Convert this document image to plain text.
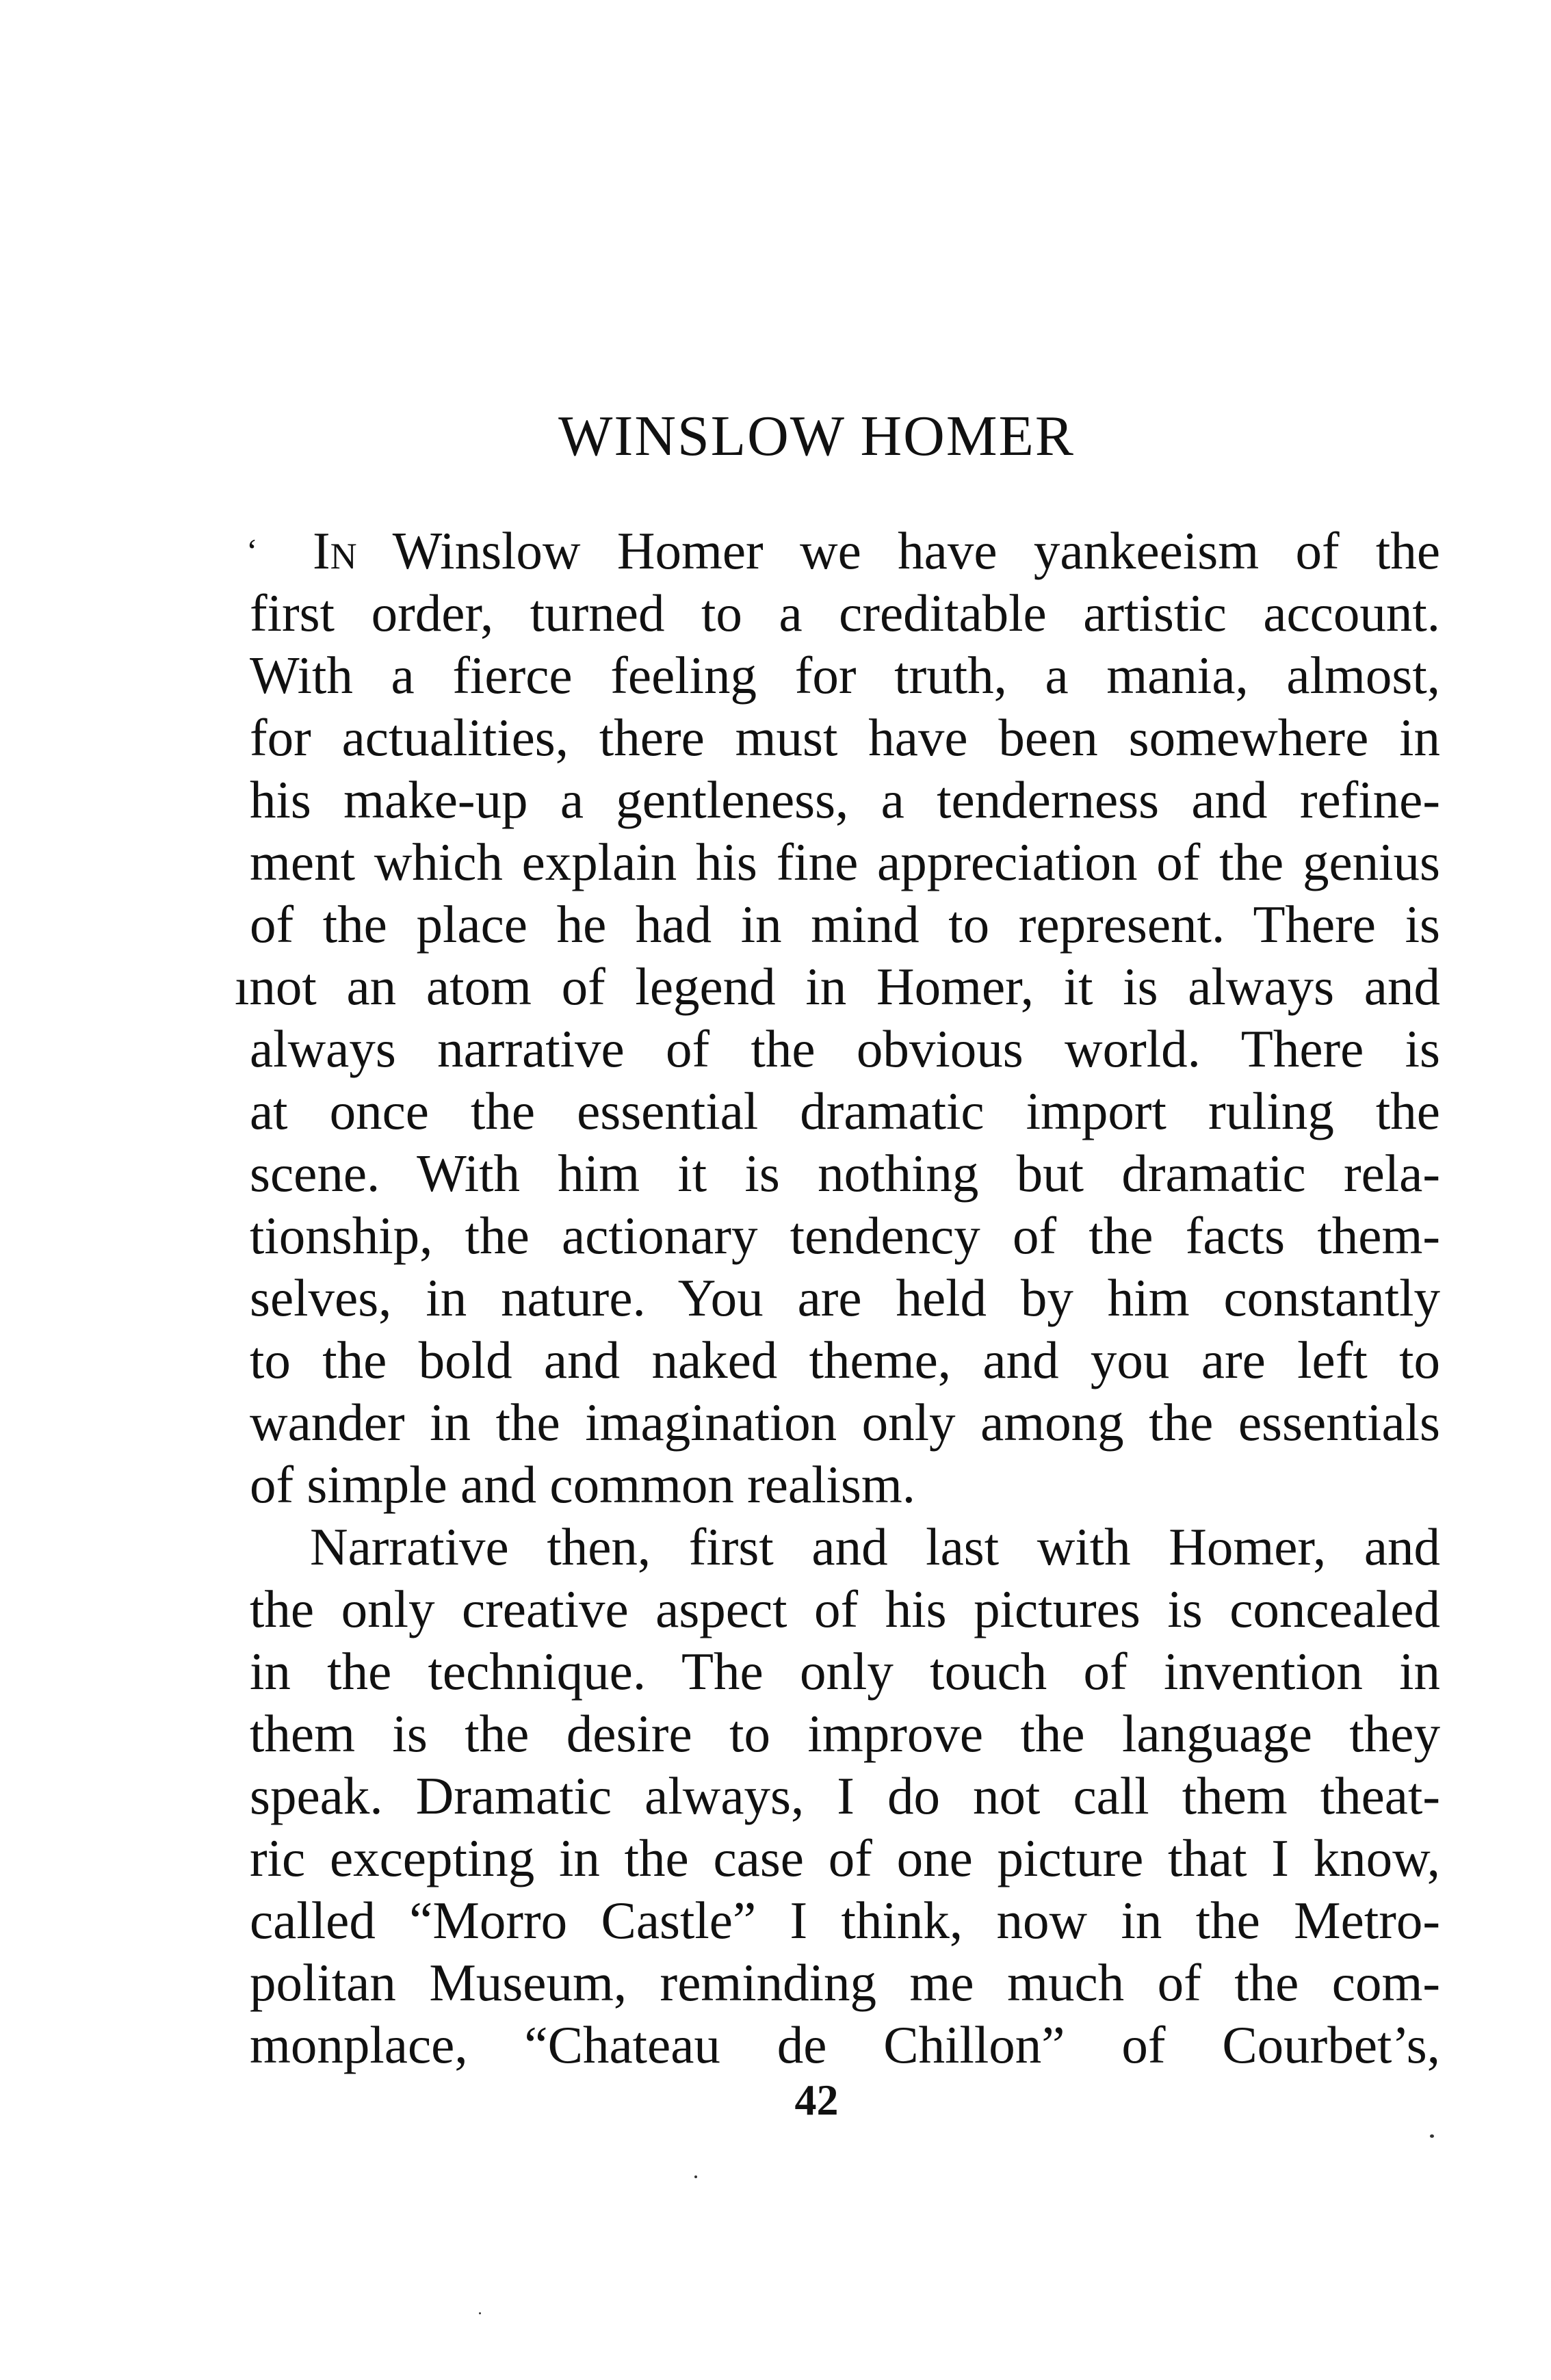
WINSLOW HOMER
ʻ In Winslow Homer we have yankeeism of the
first order, turned to a creditable artistic account.
With a fierce feeling for truth, a mania, almost,
for actualities, there must have been somewhere in
his make-up a gentleness, a tenderness and refine-
ment which explain his fine appreciation of the genius
of the place he had in mind to represent. There is
ınot an atom of legend in Homer, it is always and
always narrative of the obvious world. There is
at once the essential dramatic import ruling the
scene. With him it is nothing but dramatic rela-
tionship, the actionary tendency of the facts them-
selves, in nature. You are held by him constantly
to the bold and naked theme, and you are left to
wander in the imagination only among the essentials
of simple and common realism.
Narrative then, first and last with Homer, and
the only creative aspect of his pictures is concealed
in the technique. The only touch of invention in
them is the desire to improve the language they
speak. Dramatic always, I do not call them theat-
ric excepting in the case of one picture that I know,
called “Morro Castle” I think, now in the Metro-
politan Museum, reminding me much of the com-
monplace, “Chateau de Chillon” of Courbet’s,
42
